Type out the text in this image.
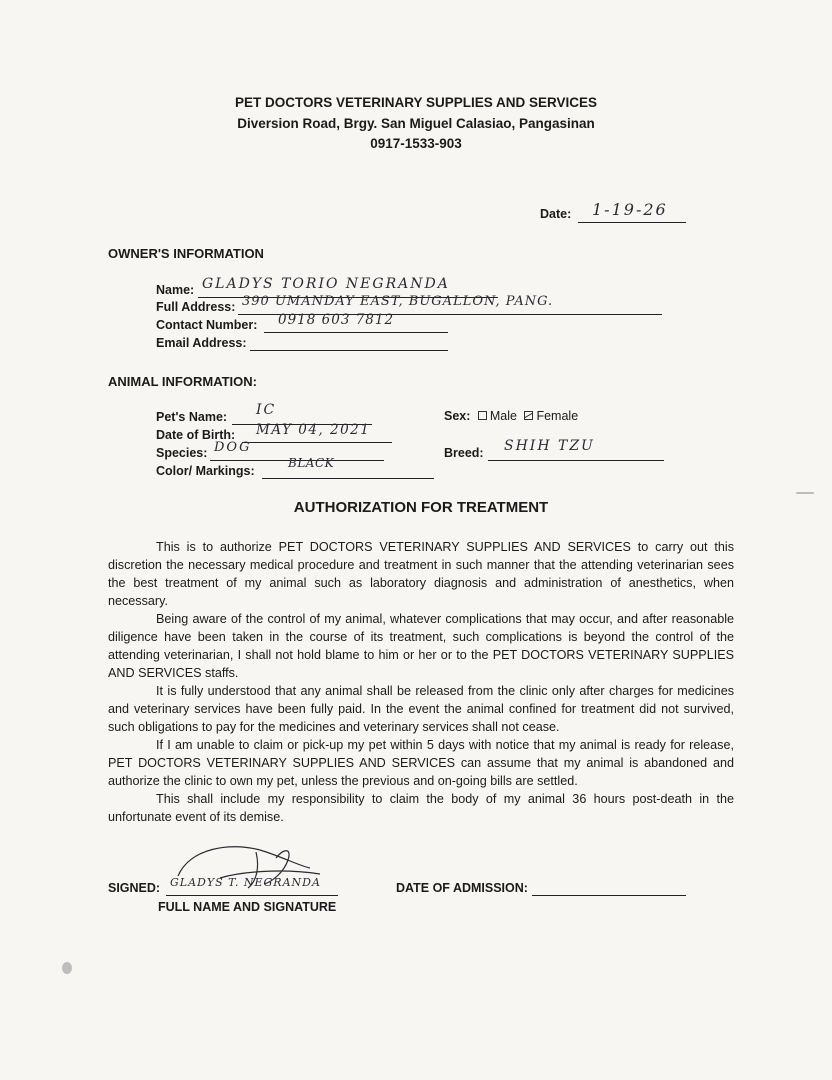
PET DOCTORS VETERINARY SUPPLIES AND SERVICES
Diversion Road, Brgy. San Miguel Calasiao, Pangasinan
0917-1533-903
Date: 1-19-26
OWNER'S INFORMATION
Name: GLADYS TORIO NEGRANDA
Full Address: 390 UMANDAY EAST, BUGALLON, PANG.
Contact Number: 0918 603 7812
Email Address:
ANIMAL INFORMATION:
Pet's Name: IC
Date of Birth: MAY 04, 2021
Species: DOG
Color/ Markings:
BLACK
Sex: Male Female
Breed: SHIH TZU
AUTHORIZATION FOR TREATMENT

This is to authorize PET DOCTORS VETERINARY SUPPLIES AND SERVICES to carry out this discretion the necessary medical procedure and treatment in such manner that the attending veterinarian sees the best treatment of my animal such as laboratory diagnosis and administration of anesthetics, when necessary.

Being aware of the control of my animal, whatever complications that may occur, and after reasonable diligence have been taken in the course of its treatment, such complications is beyond the control of the attending veterinarian, I shall not hold blame to him or her or to the PET DOCTORS VETERINARY SUPPLIES AND SERVICES staffs.

It is fully understood that any animal shall be released from the clinic only after charges for medicines and veterinary services have been fully paid. In the event the animal confined for treatment did not survived, such obligations to pay for the medicines and veterinary services shall not cease.

If I am unable to claim or pick-up my pet within 5 days with notice that my animal is ready for release, PET DOCTORS VETERINARY SUPPLIES AND SERVICES can assume that my animal is abandoned and authorize the clinic to own my pet, unless the previous and on-going bills are settled.

This shall include my responsibility to claim the body of my animal 36 hours post-death in the unfortunate event of its demise.

SIGNED: GLADYS T. NEGRANDA
FULL NAME AND SIGNATURE
DATE OF ADMISSION:
